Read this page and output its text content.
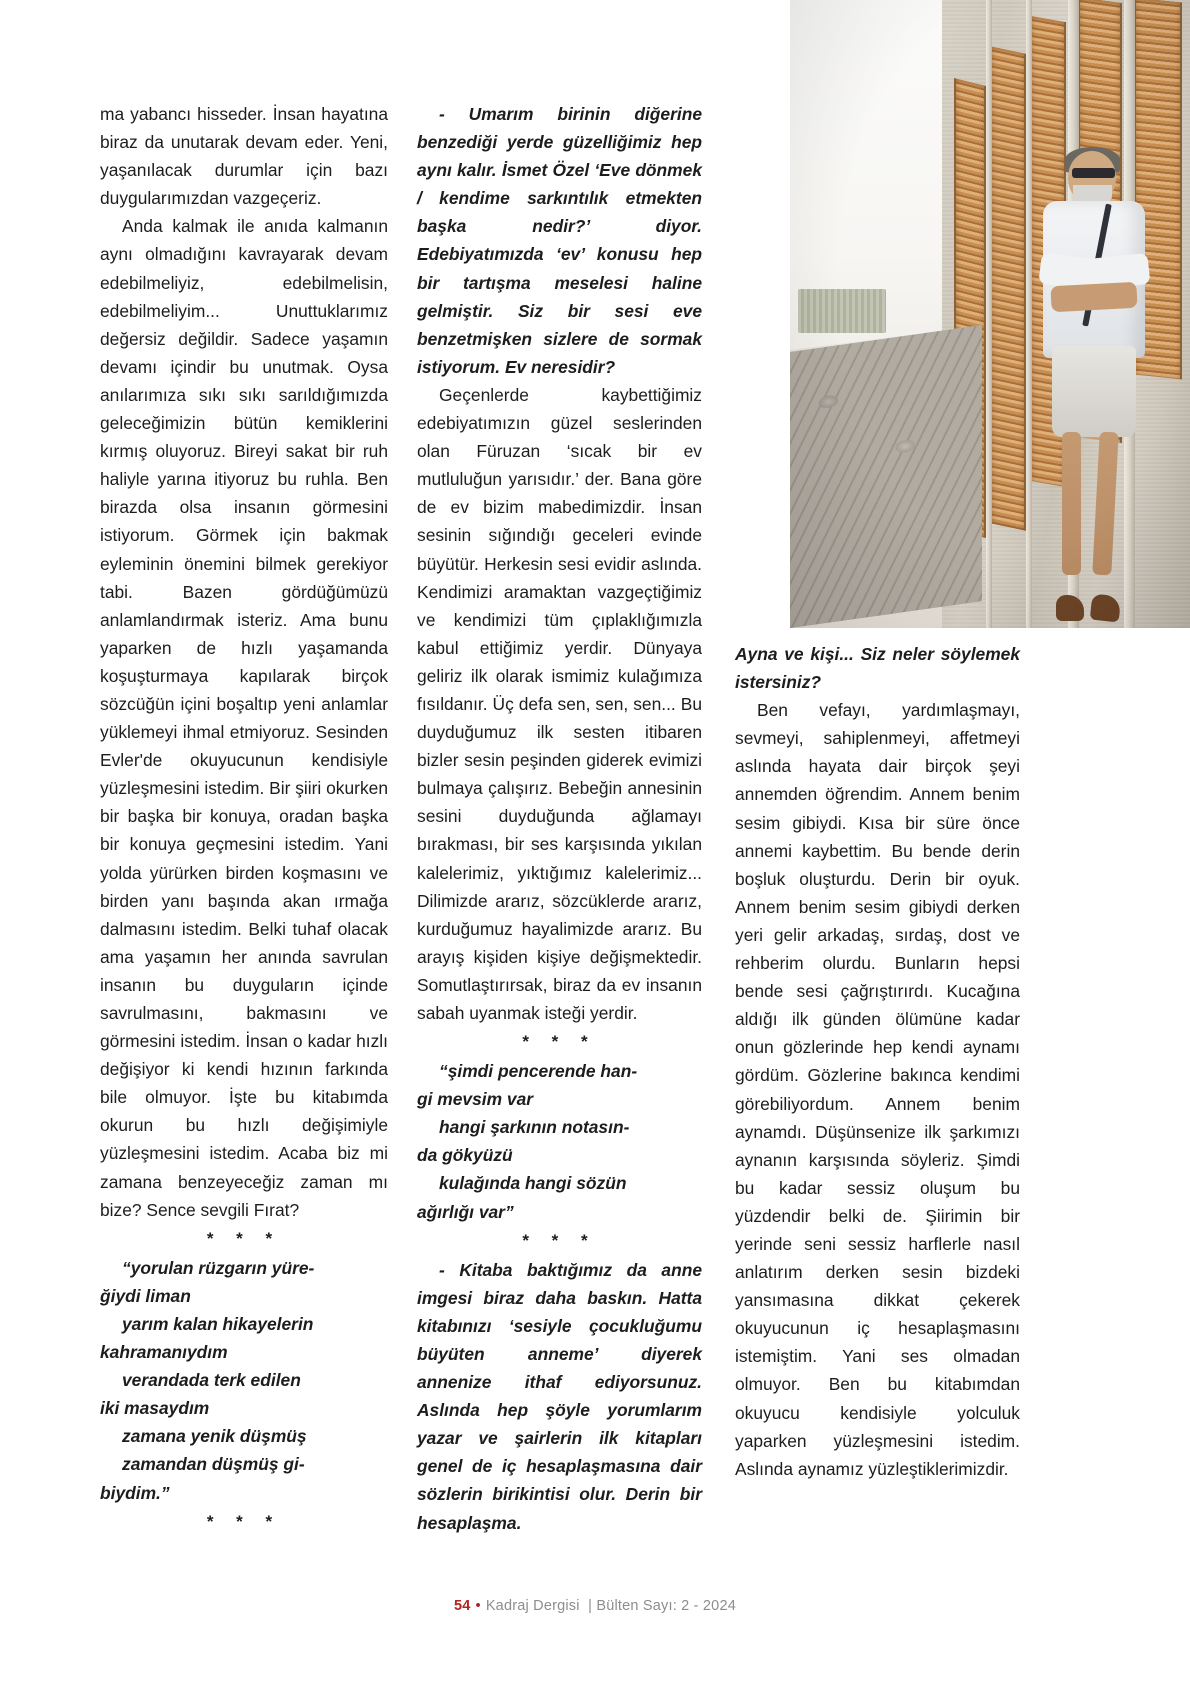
ma yabancı hisseder. İnsan hayatına biraz da unutarak devam eder. Yeni, yaşanılacak durumlar için bazı duygularımızdan vazgeçeriz.

Anda kalmak ile anıda kalmanın aynı olmadığını kavrayarak devam edebilmeliyiz, edebilmelisin, edebilmeliyim... Unuttuklarımız değersiz değildir. Sadece yaşamın devamı içindir bu unutmak. Oysa anılarımıza sıkı sıkı sarıldığımızda geleceğimizin bütün kemiklerini kırmış oluyoruz. Bireyi sakat bir ruh haliyle yarına itiyoruz bu ruhla. Ben birazda olsa insanın görmesini istiyorum. Görmek için bakmak eyleminin önemini bilmek gerekiyor tabi. Bazen gördüğümüzü anlamlandırmak isteriz. Ama bunu yaparken de hızlı yaşamanda koşuşturmaya kapılarak birçok sözcüğün içini boşaltıp yeni anlamlar yüklemeyi ihmal etmiyoruz. Sesinden Evler'de okuyucunun kendisiyle yüzleşmesini istedim. Bir şiiri okurken bir başka bir konuya, oradan başka bir konuya geçmesini istedim. Yani yolda yürürken birden koşmasını ve birden yanı başında akan ırmağa dalmasını istedim. Belki tuhaf olacak ama yaşamın her anında savrulan insanın bu duyguların içinde savrulmasını, bakmasını ve görmesini istedim. İnsan o kadar hızlı değişiyor ki kendi hızının farkında bile olmuyor. İşte bu kitabımda okurun bu hızlı değişimiyle yüzleşmesini istedim. Acaba biz mi zamana benzeyeceğiz zaman mı bize? Sence sevgili Fırat?

* * *

“yorulan rüzgarın yüre-
ğiydi liman
yarım kalan hikayelerin
kahramanıydım
verandada terk edilen
iki masaydım
zamana yenik düşmüş
zamandan düşmüş gi-
biydim.”

* * *

- Umarım birinin diğerine benzediği yerde güzelliğimiz hep aynı kalır. İsmet Özel ‘Eve dönmek / kendime sarkıntılık etmekten başka nedir?’ diyor. Edebiyatımızda ‘ev’ konusu hep bir tartışma meselesi haline gelmiştir. Siz bir sesi eve benzetmişken sizlere de sormak istiyorum. Ev neresidir?

Geçenlerde kaybettiğimiz edebiyatımızın güzel seslerinden olan Füruzan ‘sıcak bir ev mutluluğun yarısıdır.’ der. Bana göre de ev bizim mabedimizdir. İnsan sesinin sığındığı geceleri evinde büyütür. Herkesin sesi evidir aslında. Kendimizi aramaktan vazgeçtiğimiz ve kendimizi tüm çıplaklığımızla kabul ettiğimiz yerdir. Dünyaya geliriz ilk olarak ismimiz kulağımıza fısıldanır. Üç defa sen, sen, sen... Bu duyduğumuz ilk sesten itibaren bizler sesin peşinden giderek evimizi bulmaya çalışırız. Bebeğin annesinin sesini duyduğunda ağlamayı bırakması, bir ses karşısında yıkılan kalelerimiz, yıktığımız kalelerimiz... Dilimizde ararız, sözcüklerde ararız, kurduğumuz hayalimizde ararız. Bu arayış kişiden kişiye değişmektedir. Somutlaştırırsak, biraz da ev insanın sabah uyanmak isteği yerdir.

* * *

“şimdi pencerende han-
gi mevsim var
hangi şarkının notasın-
da gökyüzü
kulağında hangi sözün
ağırlığı var”

* * *

- Kitaba baktığımız da anne imgesi biraz daha baskın. Hatta kitabınızı ‘sesiyle çocukluğumu büyüten anneme’ diyerek annenize ithaf ediyorsunuz. Aslında hep şöyle yorumlarım yazar ve şairlerin ilk kitapları genel de iç hesaplaşmasına dair sözlerin birikintisi olur. Derin bir hesaplaşma.

Ayna ve kişi... Siz neler söylemek istersiniz?

Ben vefayı, yardımlaşmayı, sevmeyi, sahiplenmeyi, affetmeyi aslında hayata dair birçok şeyi annemden öğrendim. Annem benim sesim gibiydi. Kısa bir süre önce annemi kaybettim. Bu bende derin boşluk oluşturdu. Derin bir oyuk. Annem benim sesim gibiydi derken yeri gelir arkadaş, sırdaş, dost ve rehberim olurdu. Bunların hepsi bende sesi çağrıştırırdı. Kucağına aldığı ilk günden ölümüne kadar onun gözlerinde hep kendi aynamı gördüm. Gözlerine bakınca kendimi görebiliyordum. Annem benim aynamdı. Düşünsenize ilk şarkımızı aynanın karşısında söyleriz. Şimdi bu kadar sessiz oluşum bu yüzdendir belki de. Şiirimin bir yerinde seni sessiz harflerle nasıl anlatırım derken sesin bizdeki yansımasına dikkat çekerek okuyucunun iç hesaplaşmasını istemiştim. Yani ses olmadan olmuyor. Ben bu kitabımdan okuyucu kendisiyle yolculuk yaparken yüzleşmesini istedim. Aslında aynamız yüzleştiklerimizdir.

54 • Kadraj Dergisi | Bülten Sayı: 2 - 2024
